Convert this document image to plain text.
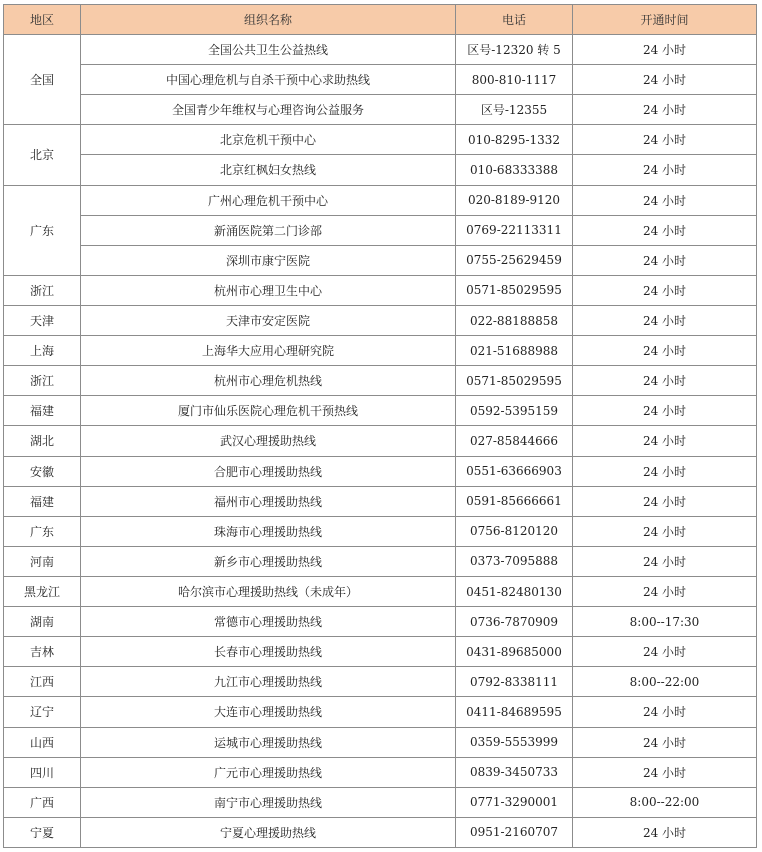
地区	组织名称	电话	开通时间
全国	全国公共卫生公益热线	区号-12320 转 5	24 小时
	中国心理危机与自杀干预中心求助热线	800-810-1117	24 小时
	全国青少年维权与心理咨询公益服务	区号-12355	24 小时
北京	北京危机干预中心	010-8295-1332	24 小时
	北京红枫妇女热线	010-68333388	24 小时
广东	广州心理危机干预中心	020-8189-9120	24 小时
	新涌医院第二门诊部	0769-22113311	24 小时
	深圳市康宁医院	0755-25629459	24 小时
浙江	杭州市心理卫生中心	0571-85029595	24 小时
天津	天津市安定医院	022-88188858	24 小时
上海	上海华大应用心理研究院	021-51688988	24 小时
浙江	杭州市心理危机热线	0571-85029595	24 小时
福建	厦门市仙乐医院心理危机干预热线	0592-5395159	24 小时
湖北	武汉心理援助热线	027-85844666	24 小时
安徽	合肥市心理援助热线	0551-63666903	24 小时
福建	福州市心理援助热线	0591-85666661	24 小时
广东	珠海市心理援助热线	0756-8120120	24 小时
河南	新乡市心理援助热线	0373-7095888	24 小时
黑龙江	哈尔滨市心理援助热线（未成年）	0451-82480130	24 小时
湖南	常德市心理援助热线	0736-7870909	8:00--17:30
吉林	长春市心理援助热线	0431-89685000	24 小时
江西	九江市心理援助热线	0792-8338111	8:00--22:00
辽宁	大连市心理援助热线	0411-84689595	24 小时
山西	运城市心理援助热线	0359-5553999	24 小时
四川	广元市心理援助热线	0839-3450733	24 小时
广西	南宁市心理援助热线	0771-3290001	8:00--22:00
宁夏	宁夏心理援助热线	0951-2160707	24 小时
